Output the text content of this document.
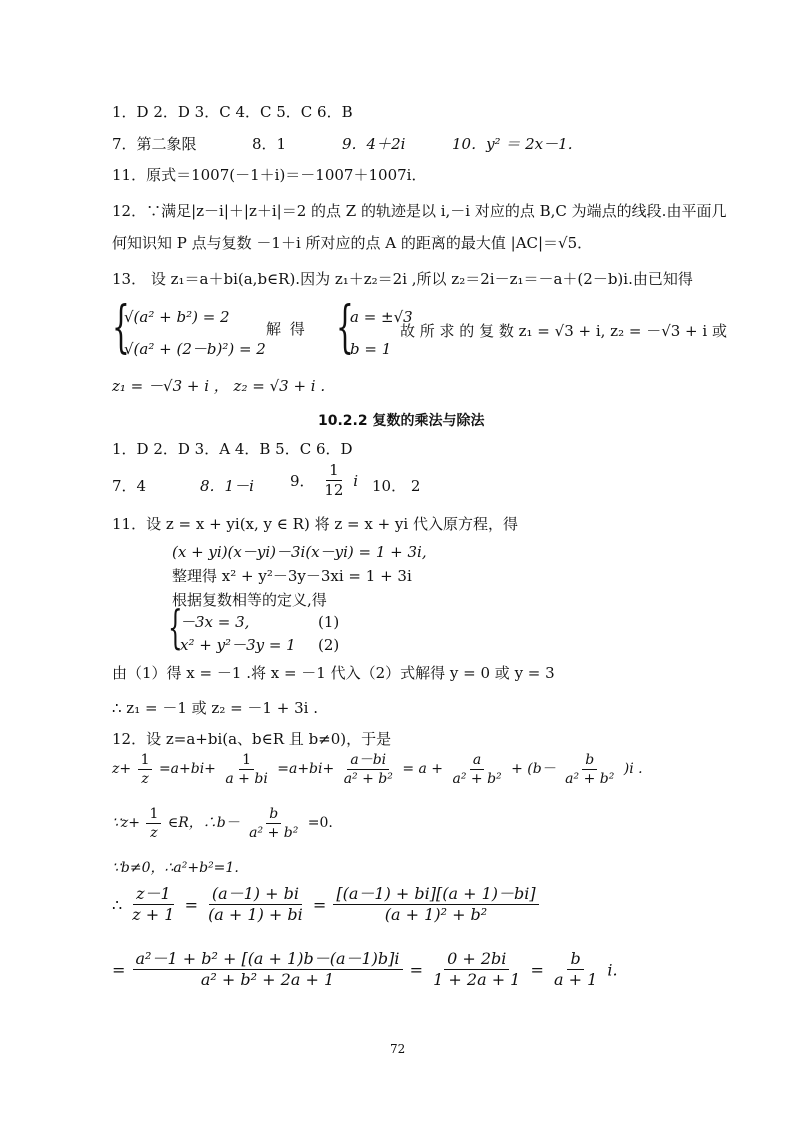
1．D 2．D 3．C 4．C 5．C 6．B
7．第二象限	8．1	9．4＋2i	10．y² ＝ 2x－1．
11．原式＝1007(－1＋i)＝－1007＋1007i．
12．∵满足|z－i|＋|z＋i|＝2 的点 Z 的轨迹是以 i,－i 对应的点 B,C 为端点的线段.由平面几
何知识知 P 点与复数 －1＋i 所对应的点 A 的距离的最大值 |AC|＝√5．
13． 设 z₁＝a＋bi(a,b∈R).因为 z₁＋z₂＝2i ,所以 z₂＝2i－z₁＝－a＋(2－b)i.由已知得
{
√(a² + b²) = 2
√(a² + (2－b)²) = 2
解 得 {
a = ±√3
b = 1
故 所 求 的 复 数 z₁ = √3 + i, z₂ = －√3 + i 或
z₁ = －√3 + i ， z₂ = √3 + i .
10.2.2 复数的乘法与除法
1．D 2．D 3．A 4．B 5．C 6．D
7．4	8．1－i 9． $\frac{1}{12}$ i 10． 2
11．设 z = x + yi(x, y ∈ R) 将 z = x + yi 代入原方程，得
(x + yi)(x－yi)－3i(x－yi) = 1 + 3i,
整理得 x² + y²－3y－3xi = 1 + 3i
根据复数相等的定义,得
{
－3x = 3,	(1)
x² + y²－3y = 1 (2)
由（1）得 x = －1 .将 x = －1 代入（2）式解得 y = 0 或 y = 3
∴ z₁ = －1 或 z₂ = －1 + 3i .
12．设 z=a+bi(a、b∈R 且 b≠0)，于是
$z+ \frac{1}{z} =a+bi+ \frac{1}{a + bi} =a+bi+ \frac{a-bi}{\text{a² + b²}} = a + \frac{a}{\text{a² + b²}} + (b- \frac{b}{\text{a² + b²}} )i$ .
∵z+ $\frac{1}{z}$ ∈R，∴b－ $\frac{b}{\text{a² + b²}} =0$.
∵b≠0，∴a²+b²=1.
∴ $\frac{z-1}{z + 1} = \frac{(a-1) + bi}{(a + 1) + bi} = \frac{[(a-1) + bi][(a + 1)-bi]}{\text{(a + 1)² + b²}}$
= $\frac{\text{a²－1 + b² + [(a + 1)b－(a－1)b]i}}{\text{a² + b² + 2a + 1}} = \frac{0 + 2bi}{1 + 2a + 1} = \frac{b}{a + 1} i$.
72
